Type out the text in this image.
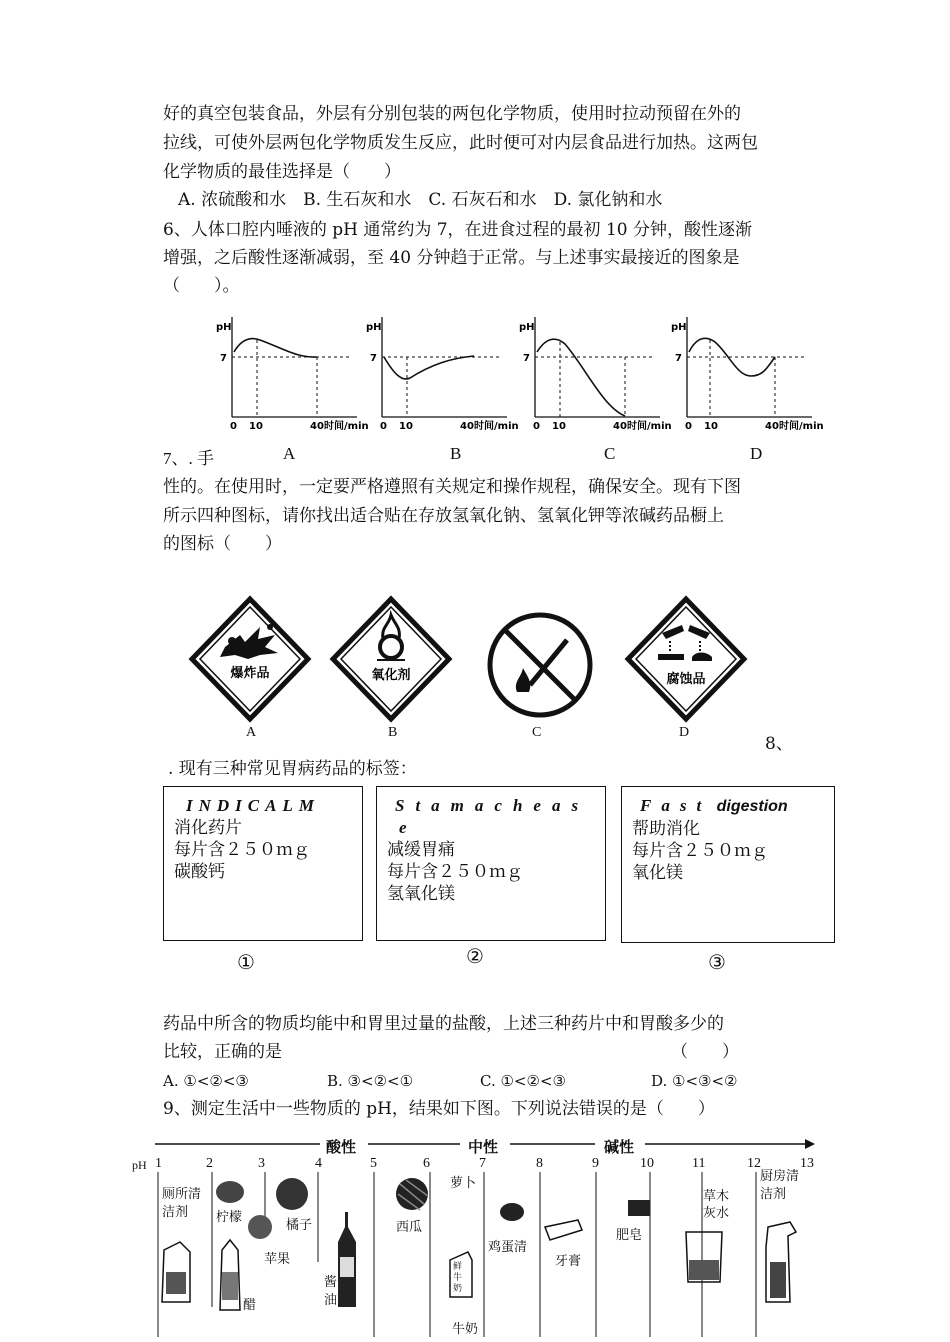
好的真空包装食品，外层有分别包装的两包化学物质，使用时拉动预留在外的
拉线，可使外层两包化学物质发生反应，此时便可对内层食品进行加热。这两包
化学物质的最佳选择是（　　）
A. 浓硫酸和水　B. 生石灰和水　C. 石灰石和水　D. 氯化钠和水
6、人体口腔内唾液的 pH 通常约为 7，在进食过程的最初 10 分钟，酸性逐渐
增强，之后酸性逐渐减弱，至 40 分钟趋于正常。与上述事实最接近的图象是
（　　）。
pH
7
0 10	40 时间/min
pH
7
0 10	40 时间/min
pH
7
0 10	40 时间/min
pH
7
0 10	40 时间/min
7、. 手	A	B	C	D
性的。在使用时，一定要严格遵照有关规定和操作规程，确保安全。现有下图
所示四种图标，请你找出适合贴在存放氢氧化钠、氢氧化钾等浓碱药品橱上
的图标（　　）
爆炸品	氧化剂	腐蚀品
A	B	C	D
8、
. 现有三种常见胃病药品的标签：
INDICALM
消化药片
每片含２５０ｍｇ
碳酸钙
Stamacheas
e
减缓胃痛
每片含２５０ｍｇ
氢氧化镁
Fast digestion
帮助消化
每片含２５０ｍｇ
氧化镁
①	②	③
药品中所含的物质均能中和胃里过量的盐酸，上述三种药片中和胃酸多少的
比较，正确的是	（　　）
A. ①<②<③	B. ③<②<①	C. ①<②<③	D. ①<③<②
9、测定生活中一些物质的 pH，结果如下图。下列说法错误的是（　　）
酸性	中性	碱性
pH 1	2	3	4	5	6	7	8	9	10	11	12	13
厕所清洁剂	柠檬
橘子
苹果
醋
酱油
西瓜
萝卜
鲜牛奶
牛奶
鸡蛋清
牙膏
肥皂
草木灰水
厨房清洁剂
